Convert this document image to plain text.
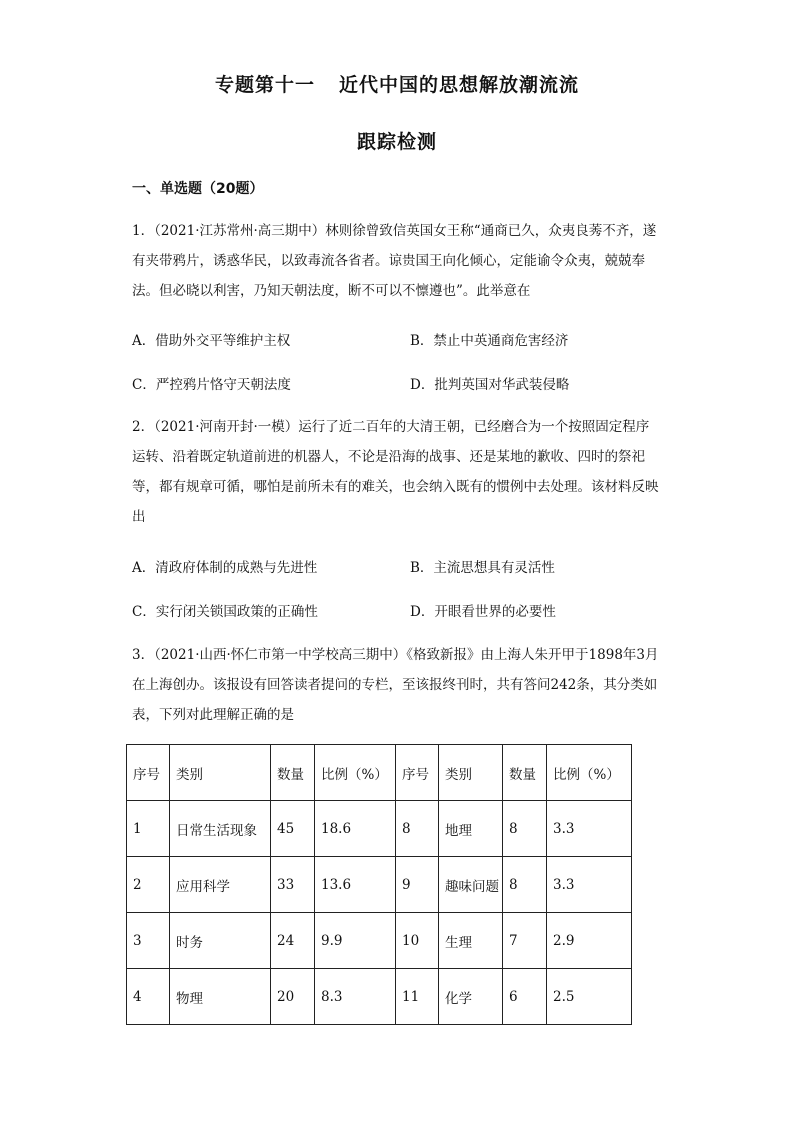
专题第十一 近代中国的思想解放潮流流
跟踪检测
一、单选题（20题）

1．（2021·江苏常州·高三期中）林则徐曾致信英国女王称“通商已久，众夷良莠不齐，遂有夹带鸦片，诱惑华民，以致毒流各省者。谅贵国王向化倾心，定能谕令众夷，兢兢奉法。但必晓以利害，乃知天朝法度，断不可以不懔遵也”。此举意在

A．借助外交平等维护主权	B．禁止中英通商危害经济
C．严控鸦片恪守天朝法度	D．批判英国对华武装侵略

2．（2021·河南开封·一模）运行了近二百年的大清王朝，已经磨合为一个按照固定程序运转、沿着既定轨道前进的机器人，不论是沿海的战事、还是某地的歉收、四时的祭祀等，都有规章可循，哪怕是前所未有的难关，也会纳入既有的惯例中去处理。该材料反映出

A．清政府体制的成熟与先进性	B．主流思想具有灵活性
C．实行闭关锁国政策的正确性	D．开眼看世界的必要性

3．（2021·山西·怀仁市第一中学校高三期中）《格致新报》由上海人朱开甲于1898年3月在上海创办。该报设有回答读者提问的专栏，至该报终刊时，共有答问242条，其分类如表，下列对此理解正确的是

序号	类别	数量	比例（%）	序号	类别	数量	比例（%）
1	日常生活现象	45	18.6	8	地理	8	3.3
2	应用科学	33	13.6	9	趣味问题	8	3.3
3	时务	24	9.9	10	生理	7	2.9
4	物理	20	8.3	11	化学	6	2.5
